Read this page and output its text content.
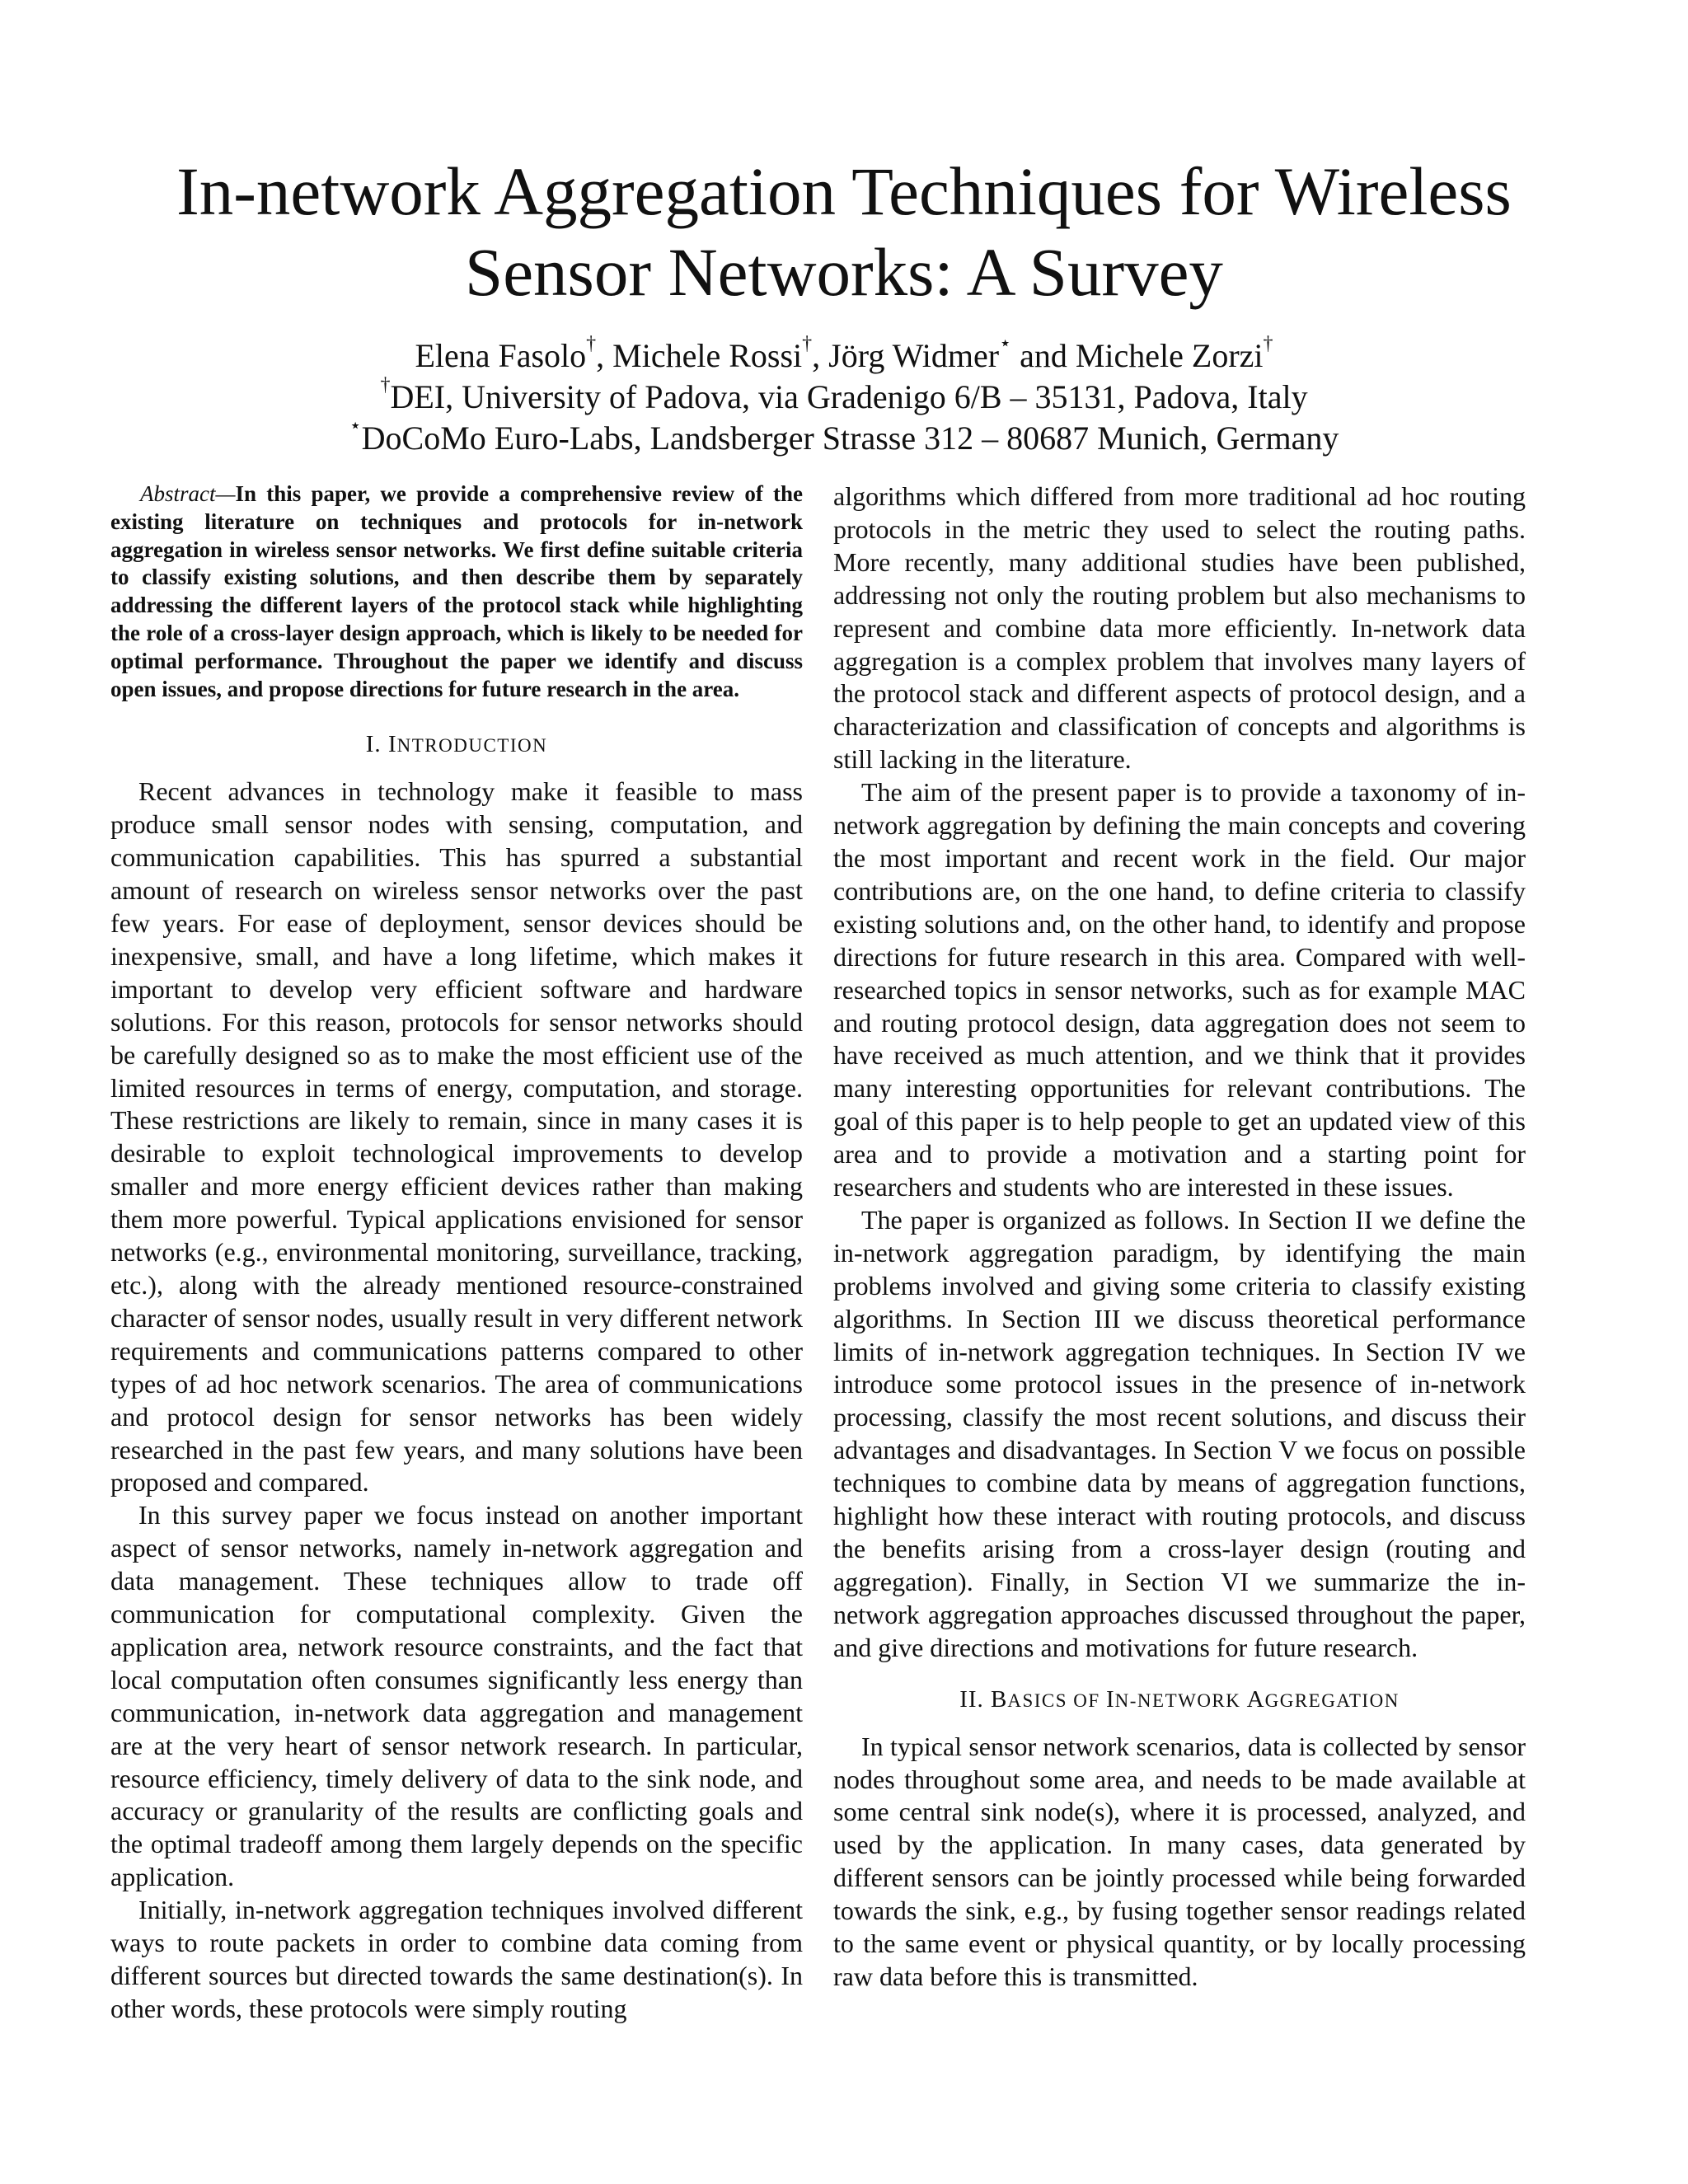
In-network Aggregation Techniques for Wireless
Sensor Networks: A Survey
Elena Fasolo†, Michele Rossi†, Jörg Widmer⋆ and Michele Zorzi†
†DEI, University of Padova, via Gradenigo 6/B – 35131, Padova, Italy
⋆DoCoMo Euro-Labs, Landsberger Strasse 312 – 80687 Munich, Germany

Abstract—In this paper, we provide a comprehensive review of the existing literature on techniques and protocols for in-network aggregation in wireless sensor networks. We first define suitable criteria to classify existing solutions, and then describe them by separately addressing the different layers of the protocol stack while highlighting the role of a cross-layer design approach, which is likely to be needed for optimal performance. Throughout the paper we identify and discuss open issues, and propose directions for future research in the area.

I. INTRODUCTION

Recent advances in technology make it feasible to mass produce small sensor nodes with sensing, computation, and communication capabilities. This has spurred a substantial amount of research on wireless sensor networks over the past few years. For ease of deployment, sensor devices should be inexpensive, small, and have a long lifetime, which makes it important to develop very efficient software and hardware solutions. For this reason, protocols for sensor networks should be carefully designed so as to make the most efficient use of the limited resources in terms of energy, computation, and storage. These restrictions are likely to remain, since in many cases it is desirable to exploit technological improvements to develop smaller and more energy efficient devices rather than making them more powerful. Typical applications envisioned for sensor networks (e.g., environmental monitoring, surveillance, tracking, etc.), along with the already mentioned resource-constrained character of sensor nodes, usually result in very different network requirements and communications patterns compared to other types of ad hoc network scenarios. The area of communications and protocol design for sensor networks has been widely researched in the past few years, and many solutions have been proposed and compared.

In this survey paper we focus instead on another important aspect of sensor networks, namely in-network aggregation and data management. These techniques allow to trade off communication for computational complexity. Given the application area, network resource constraints, and the fact that local computation often consumes significantly less energy than communication, in-network data aggregation and management are at the very heart of sensor network research. In particular, resource efficiency, timely delivery of data to the sink node, and accuracy or granularity of the results are conflicting goals and the optimal tradeoff among them largely depends on the specific application.

Initially, in-network aggregation techniques involved different ways to route packets in order to combine data coming from different sources but directed towards the same destination(s). In other words, these protocols were simply routing

algorithms which differed from more traditional ad hoc routing protocols in the metric they used to select the routing paths. More recently, many additional studies have been published, addressing not only the routing problem but also mechanisms to represent and combine data more efficiently. In-network data aggregation is a complex problem that involves many layers of the protocol stack and different aspects of protocol design, and a characterization and classification of concepts and algorithms is still lacking in the literature.

The aim of the present paper is to provide a taxonomy of in-network aggregation by defining the main concepts and covering the most important and recent work in the field. Our major contributions are, on the one hand, to define criteria to classify existing solutions and, on the other hand, to identify and propose directions for future research in this area. Compared with well-researched topics in sensor networks, such as for example MAC and routing protocol design, data aggregation does not seem to have received as much attention, and we think that it provides many interesting opportunities for relevant contributions. The goal of this paper is to help people to get an updated view of this area and to provide a motivation and a starting point for researchers and students who are interested in these issues.

The paper is organized as follows. In Section II we define the in-network aggregation paradigm, by identifying the main problems involved and giving some criteria to classify existing algorithms. In Section III we discuss theoretical performance limits of in-network aggregation techniques. In Section IV we introduce some protocol issues in the presence of in-network processing, classify the most recent solutions, and discuss their advantages and disadvantages. In Section V we focus on possible techniques to combine data by means of aggregation functions, highlight how these interact with routing protocols, and discuss the benefits arising from a cross-layer design (routing and aggregation). Finally, in Section VI we summarize the in-network aggregation approaches discussed throughout the paper, and give directions and motivations for future research.

II. BASICS OF IN-NETWORK AGGREGATION

In typical sensor network scenarios, data is collected by sensor nodes throughout some area, and needs to be made available at some central sink node(s), where it is processed, analyzed, and used by the application. In many cases, data generated by different sensors can be jointly processed while being forwarded towards the sink, e.g., by fusing together sensor readings related to the same event or physical quantity, or by locally processing raw data before this is transmitted.
